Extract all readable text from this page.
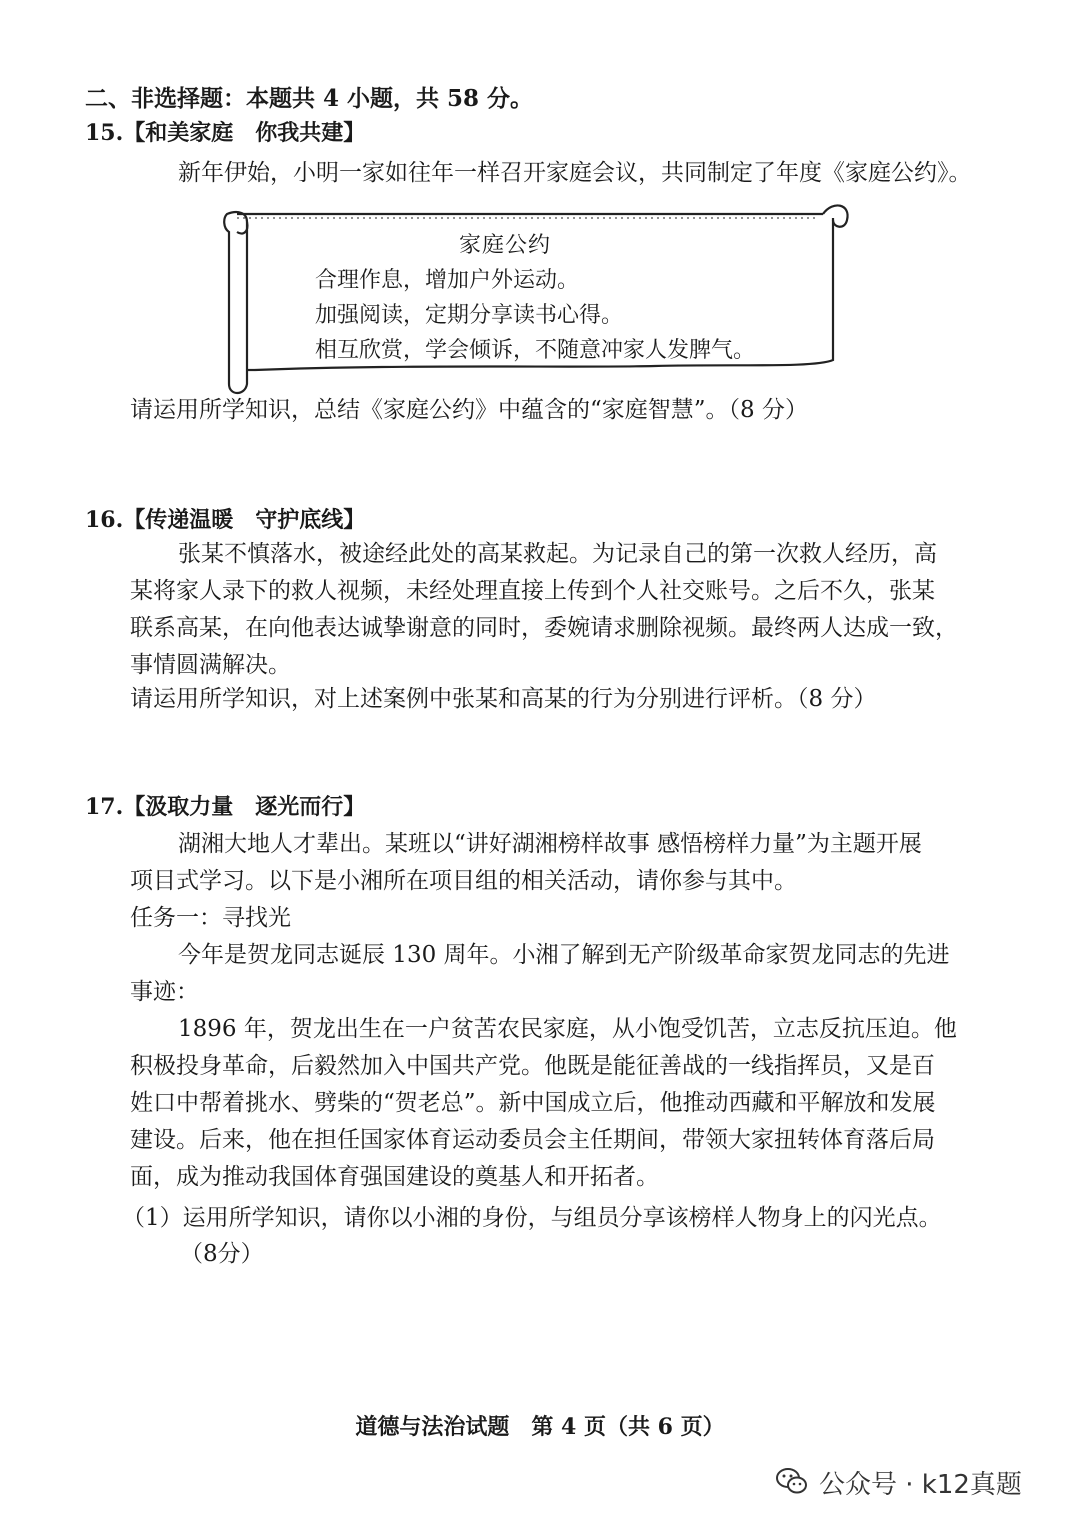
二、非选择题：本题共 4 小题，共 58 分。
15.【和美家庭　你我共建】
新年伊始，小明一家如往年一样召开家庭会议，共同制定了年度《家庭公约》。
家庭公约
合理作息，增加户外运动。
加强阅读，定期分享读书心得。
相互欣赏，学会倾诉，不随意冲家人发脾气。
请运用所学知识，总结《家庭公约》中蕴含的“家庭智慧”。（8 分）
16.【传递温暖　守护底线】
张某不慎落水，被途经此处的高某救起。为记录自己的第一次救人经历，高
某将家人录下的救人视频，未经处理直接上传到个人社交账号。之后不久，张某
联系高某，在向他表达诚挚谢意的同时，委婉请求删除视频。最终两人达成一致，
事情圆满解决。
请运用所学知识，对上述案例中张某和高某的行为分别进行评析。（8 分）
17.【汲取力量　逐光而行】
湖湘大地人才辈出。某班以“讲好湖湘榜样故事 感悟榜样力量”为主题开展
项目式学习。以下是小湘所在项目组的相关活动，请你参与其中。
任务一：寻找光
今年是贺龙同志诞辰 130 周年。小湘了解到无产阶级革命家贺龙同志的先进
事迹：
1896 年，贺龙出生在一户贫苦农民家庭，从小饱受饥苦，立志反抗压迫。他
积极投身革命，后毅然加入中国共产党。他既是能征善战的一线指挥员，又是百
姓口中帮着挑水、劈柴的“贺老总”。新中国成立后，他推动西藏和平解放和发展
建设。后来，他在担任国家体育运动委员会主任期间，带领大家扭转体育落后局
面，成为推动我国体育强国建设的奠基人和开拓者。
（1）运用所学知识，请你以小湘的身份，与组员分享该榜样人物身上的闪光点。
（8分）
道德与法治试题　第 4 页（共 6 页）
公众号 · k12真题
